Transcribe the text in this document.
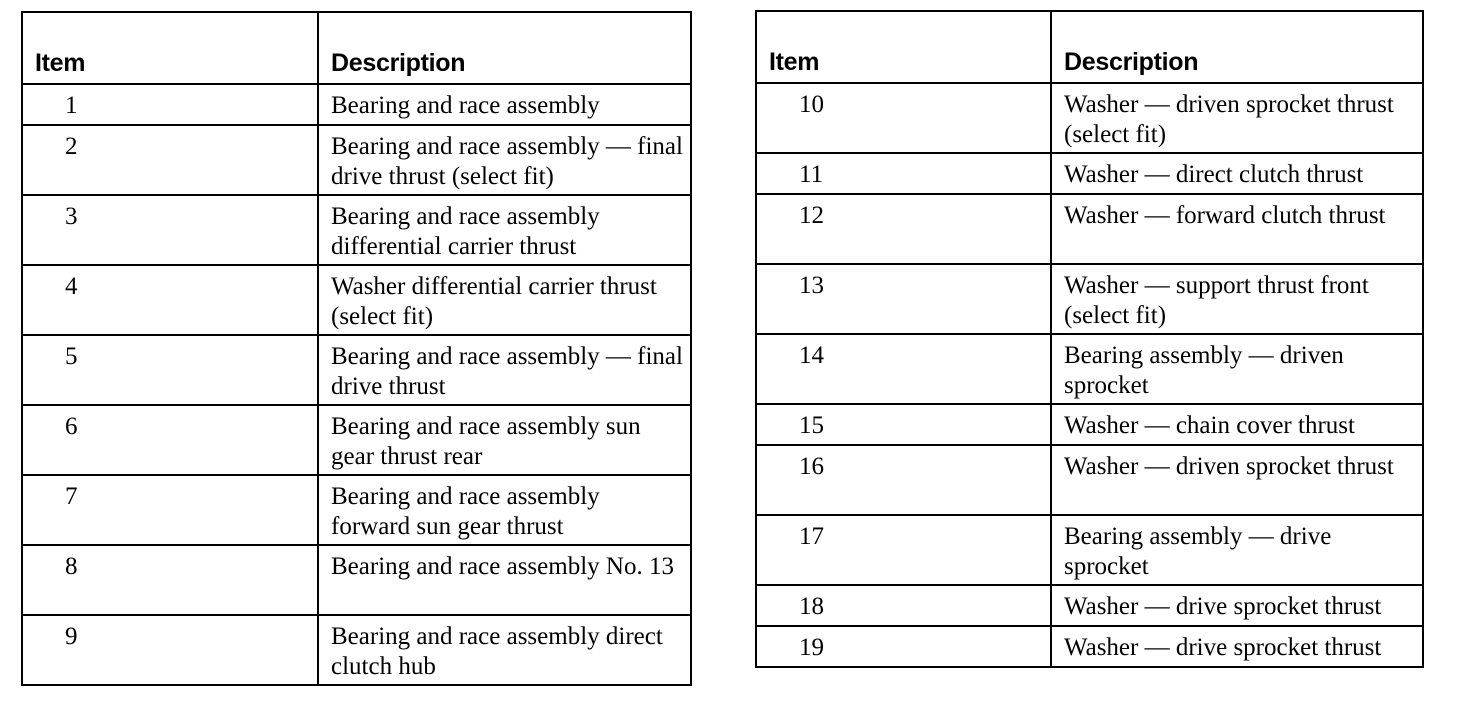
Item	Description
1	Bearing and race assembly
2	Bearing and race assembly — final drive thrust (select fit)
3	Bearing and race assembly differential carrier thrust
4	Washer differential carrier thrust (select fit)
5	Bearing and race assembly — final drive thrust
6	Bearing and race assembly sun gear thrust rear
7	Bearing and race assembly forward sun gear thrust
8	Bearing and race assembly No. 13
9	Bearing and race assembly direct clutch hub
Item	Description
10	Washer — driven sprocket thrust (select fit)
11	Washer — direct clutch thrust
12	Washer — forward clutch thrust
13	Washer — support thrust front (select fit)
14	Bearing assembly — driven sprocket
15	Washer — chain cover thrust
16	Washer — driven sprocket thrust
17	Bearing assembly — drive sprocket
18	Washer — drive sprocket thrust
19	Washer — drive sprocket thrust
